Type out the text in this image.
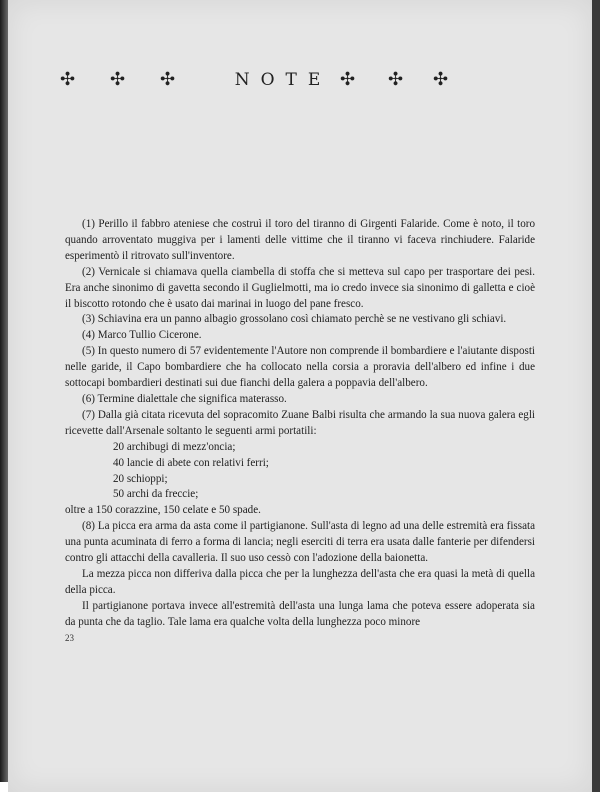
✣ ✣ ✣	NOTE ✣ ✣ ✣

(1) Perillo il fabbro ateniese che costruì il toro del tiranno di Girgenti Falaride. Come è noto, il toro quando arroventato muggiva per i lamenti delle vittime che il tiranno vi faceva rinchiudere. Falaride esperimentò il ritrovato sull'inventore.

(2) Vernicale si chiamava quella ciambella di stoffa che si metteva sul capo per trasportare dei pesi. Era anche sinonimo di gavetta secondo il Guglielmotti, ma io credo invece sia sinonimo di galletta e cioè il biscotto rotondo che è usato dai marinai in luogo del pane fresco.

(3) Schiavina era un panno albagio grossolano così chiamato perchè se ne vestivano gli schiavi.

(4) Marco Tullio Cicerone.

(5) In questo numero di 57 evidentemente l'Autore non comprende il bombardiere e l'aiutante disposti nelle garide, il Capo bombardiere che ha collocato nella corsia a proravia dell'albero ed infine i due sottocapi bombardieri destinati sui due fianchi della galera a poppavia dell'albero.

(6) Termine dialettale che significa materasso.

(7) Dalla già citata ricevuta del sopracomito Zuane Balbi risulta che armando la sua nuova galera egli ricevette dall'Arsenale soltanto le seguenti armi portatili:

20 archibugi di mezz'oncia;
40 lancie di abete con relativi ferri;
20 schioppi;
50 archi da freccie;

oltre a 150 corazzine, 150 celate e 50 spade.

(8) La picca era arma da asta come il partigianone. Sull'asta di legno ad una delle estremità era fissata una punta acuminata di ferro a forma di lancia; negli eserciti di terra era usata dalle fanterie per difendersi contro gli attacchi della cavalleria. Il suo uso cessò con l'adozione della baionetta.

La mezza picca non differiva dalla picca che per la lunghezza dell'asta che era quasi la metà di quella della picca.

Il partigianone portava invece all'estremità dell'asta una lunga lama che poteva essere adoperata sia da punta che da taglio. Tale lama era qualche volta della lunghezza poco minore

23
